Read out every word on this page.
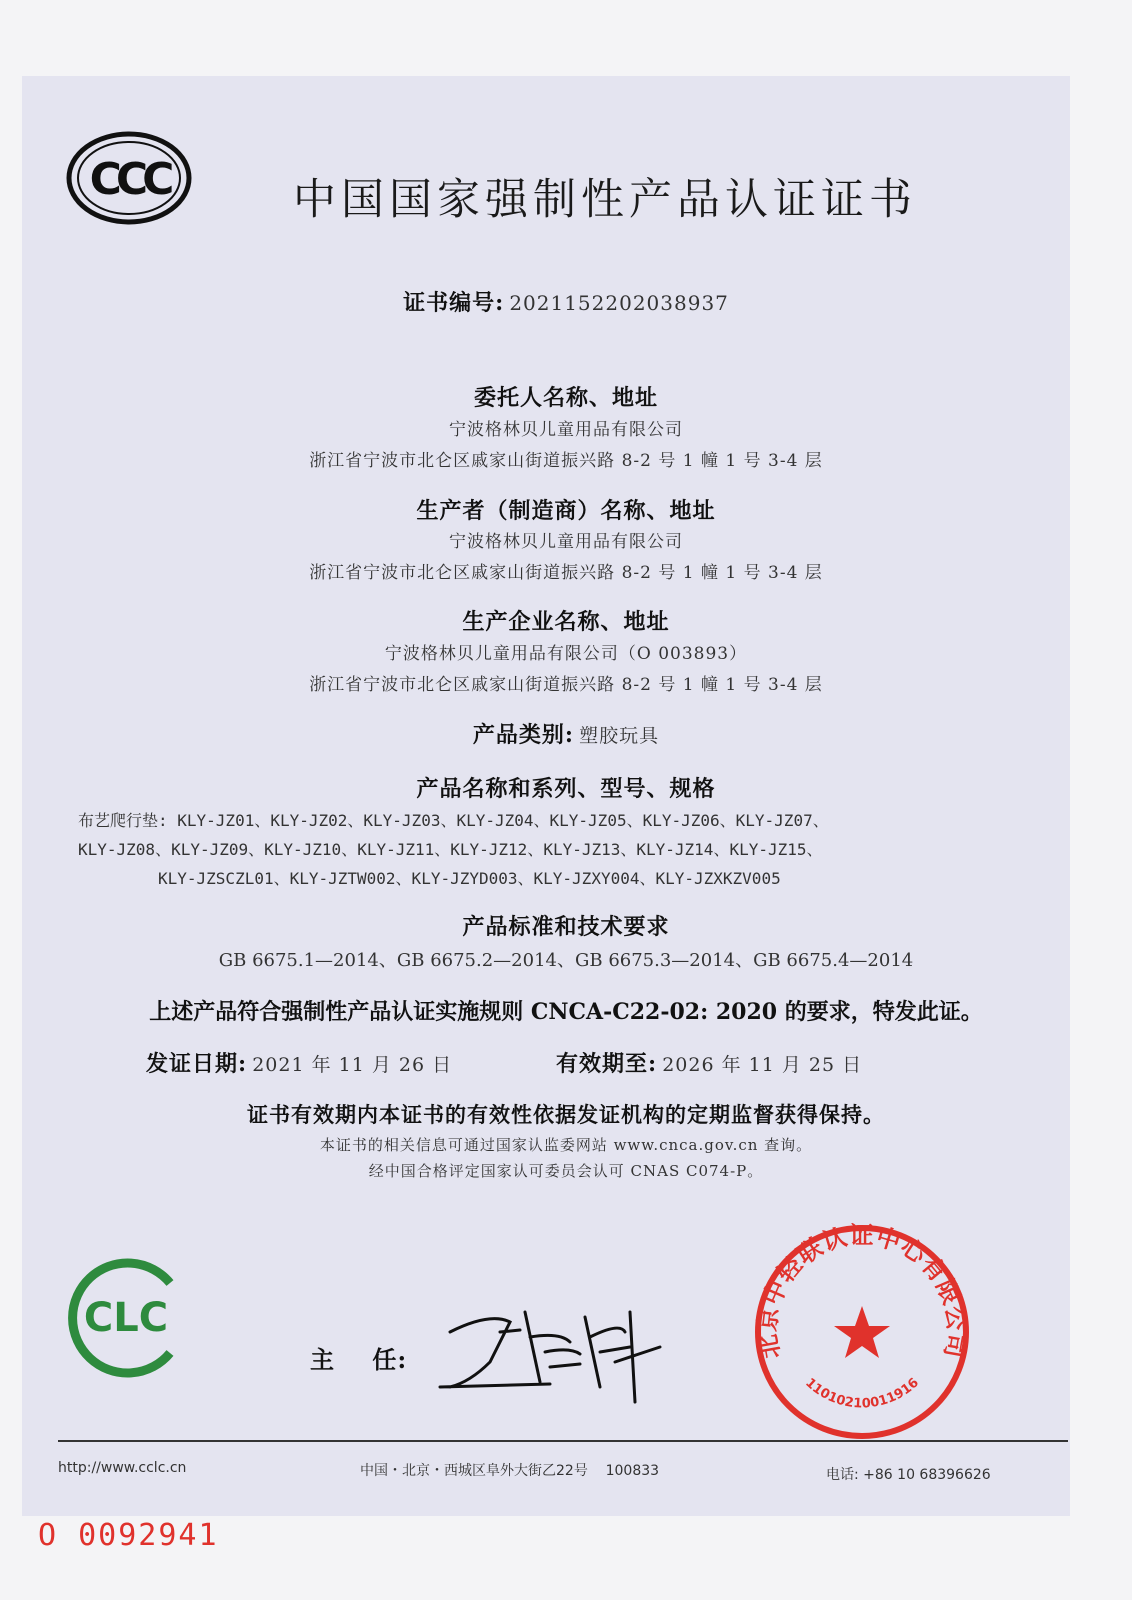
CCC	中国国家强制性产品认证证书
证书编号: 2021152202038937
委托人名称、地址
宁波格林贝儿童用品有限公司
浙江省宁波市北仑区戚家山街道振兴路 8-2 号 1 幢 1 号 3-4 层
生产者（制造商）名称、地址
宁波格林贝儿童用品有限公司
浙江省宁波市北仑区戚家山街道振兴路 8-2 号 1 幢 1 号 3-4 层
生产企业名称、地址
宁波格林贝儿童用品有限公司（O 003893）
浙江省宁波市北仑区戚家山街道振兴路 8-2 号 1 幢 1 号 3-4 层
产品类别: 塑胶玩具
产品名称和系列、型号、规格
布艺爬行垫: KLY-JZ01、KLY-JZ02、KLY-JZ03、KLY-JZ04、KLY-JZ05、KLY-JZ06、KLY-JZ07、
KLY-JZ08、KLY-JZ09、KLY-JZ10、KLY-JZ11、KLY-JZ12、KLY-JZ13、KLY-JZ14、KLY-JZ15、
KLY-JZSCZL01、KLY-JZTW002、KLY-JZYD003、KLY-JZXY004、KLY-JZXKZV005
产品标准和技术要求
GB 6675.1—2014、GB 6675.2—2014、GB 6675.3—2014、GB 6675.4—2014
上述产品符合强制性产品认证实施规则 CNCA-C22-02: 2020 的要求，特发此证。
发证日期: 2021 年 11 月 26 日	有效期至: 2026 年 11 月 25 日
证书有效期内本证书的有效性依据发证机构的定期监督获得保持。
本证书的相关信息可通过国家认监委网站 www.cnca.gov.cn 查询。
经中国合格评定国家认可委员会认可 CNAS C074-P。
CLC
主    任:	北京中轻联认证中心有限公司
11010210011916
http://www.cclc.cn	中国・北京・西城区阜外大街乙22号    100833	电话: +86 10 68396626
O 0092941
